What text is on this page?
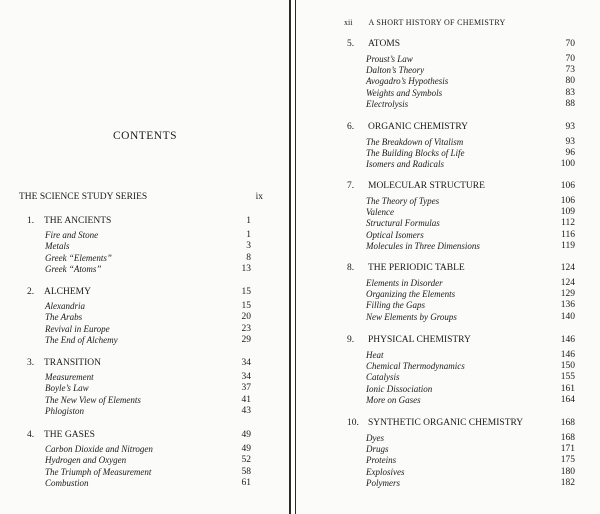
CONTENTS
THE SCIENCE STUDY SERIES	ix
xii A SHORT HISTORY OF CHEMISTRY
1. THE ANCIENTS	1
Fire and Stone	1
Metals	3
Greek “Elements”	8
Greek “Atoms”	13
2. ALCHEMY	15
Alexandria	15
The Arabs	20
Revival in Europe	23
The End of Alchemy	29
3. TRANSITION	34
Measurement	34
Boyle’s Law	37
The New View of Elements	41
Phlogiston	43
4. THE GASES	49
Carbon Dioxide and Nitrogen	49
Hydrogen and Oxygen	52
The Triumph of Measurement	58
Combustion	61
5. ATOMS	70
Proust’s Law	70
Dalton’s Theory	73
Avogadro’s Hypothesis	80
Weights and Symbols	83
Electrolysis	88
6. ORGANIC CHEMISTRY	93
The Breakdown of Vitalism	93
The Building Blocks of Life	96
Isomers and Radicals	100
7. MOLECULAR STRUCTURE	106
The Theory of Types	106
Valence	109
Structural Formulas	112
Optical Isomers	116
Molecules in Three Dimensions	119
8. THE PERIODIC TABLE	124
Elements in Disorder	124
Organizing the Elements	129
Filling the Gaps	136
New Elements by Groups	140
9. PHYSICAL CHEMISTRY	146
Heat	146
Chemical Thermodynamics	150
Catalysis	155
Ionic Dissociation	161
More on Gases	164
10. SYNTHETIC ORGANIC CHEMISTRY	168
Dyes	168
Drugs	171
Proteins	175
Explosives	180
Polymers	182
